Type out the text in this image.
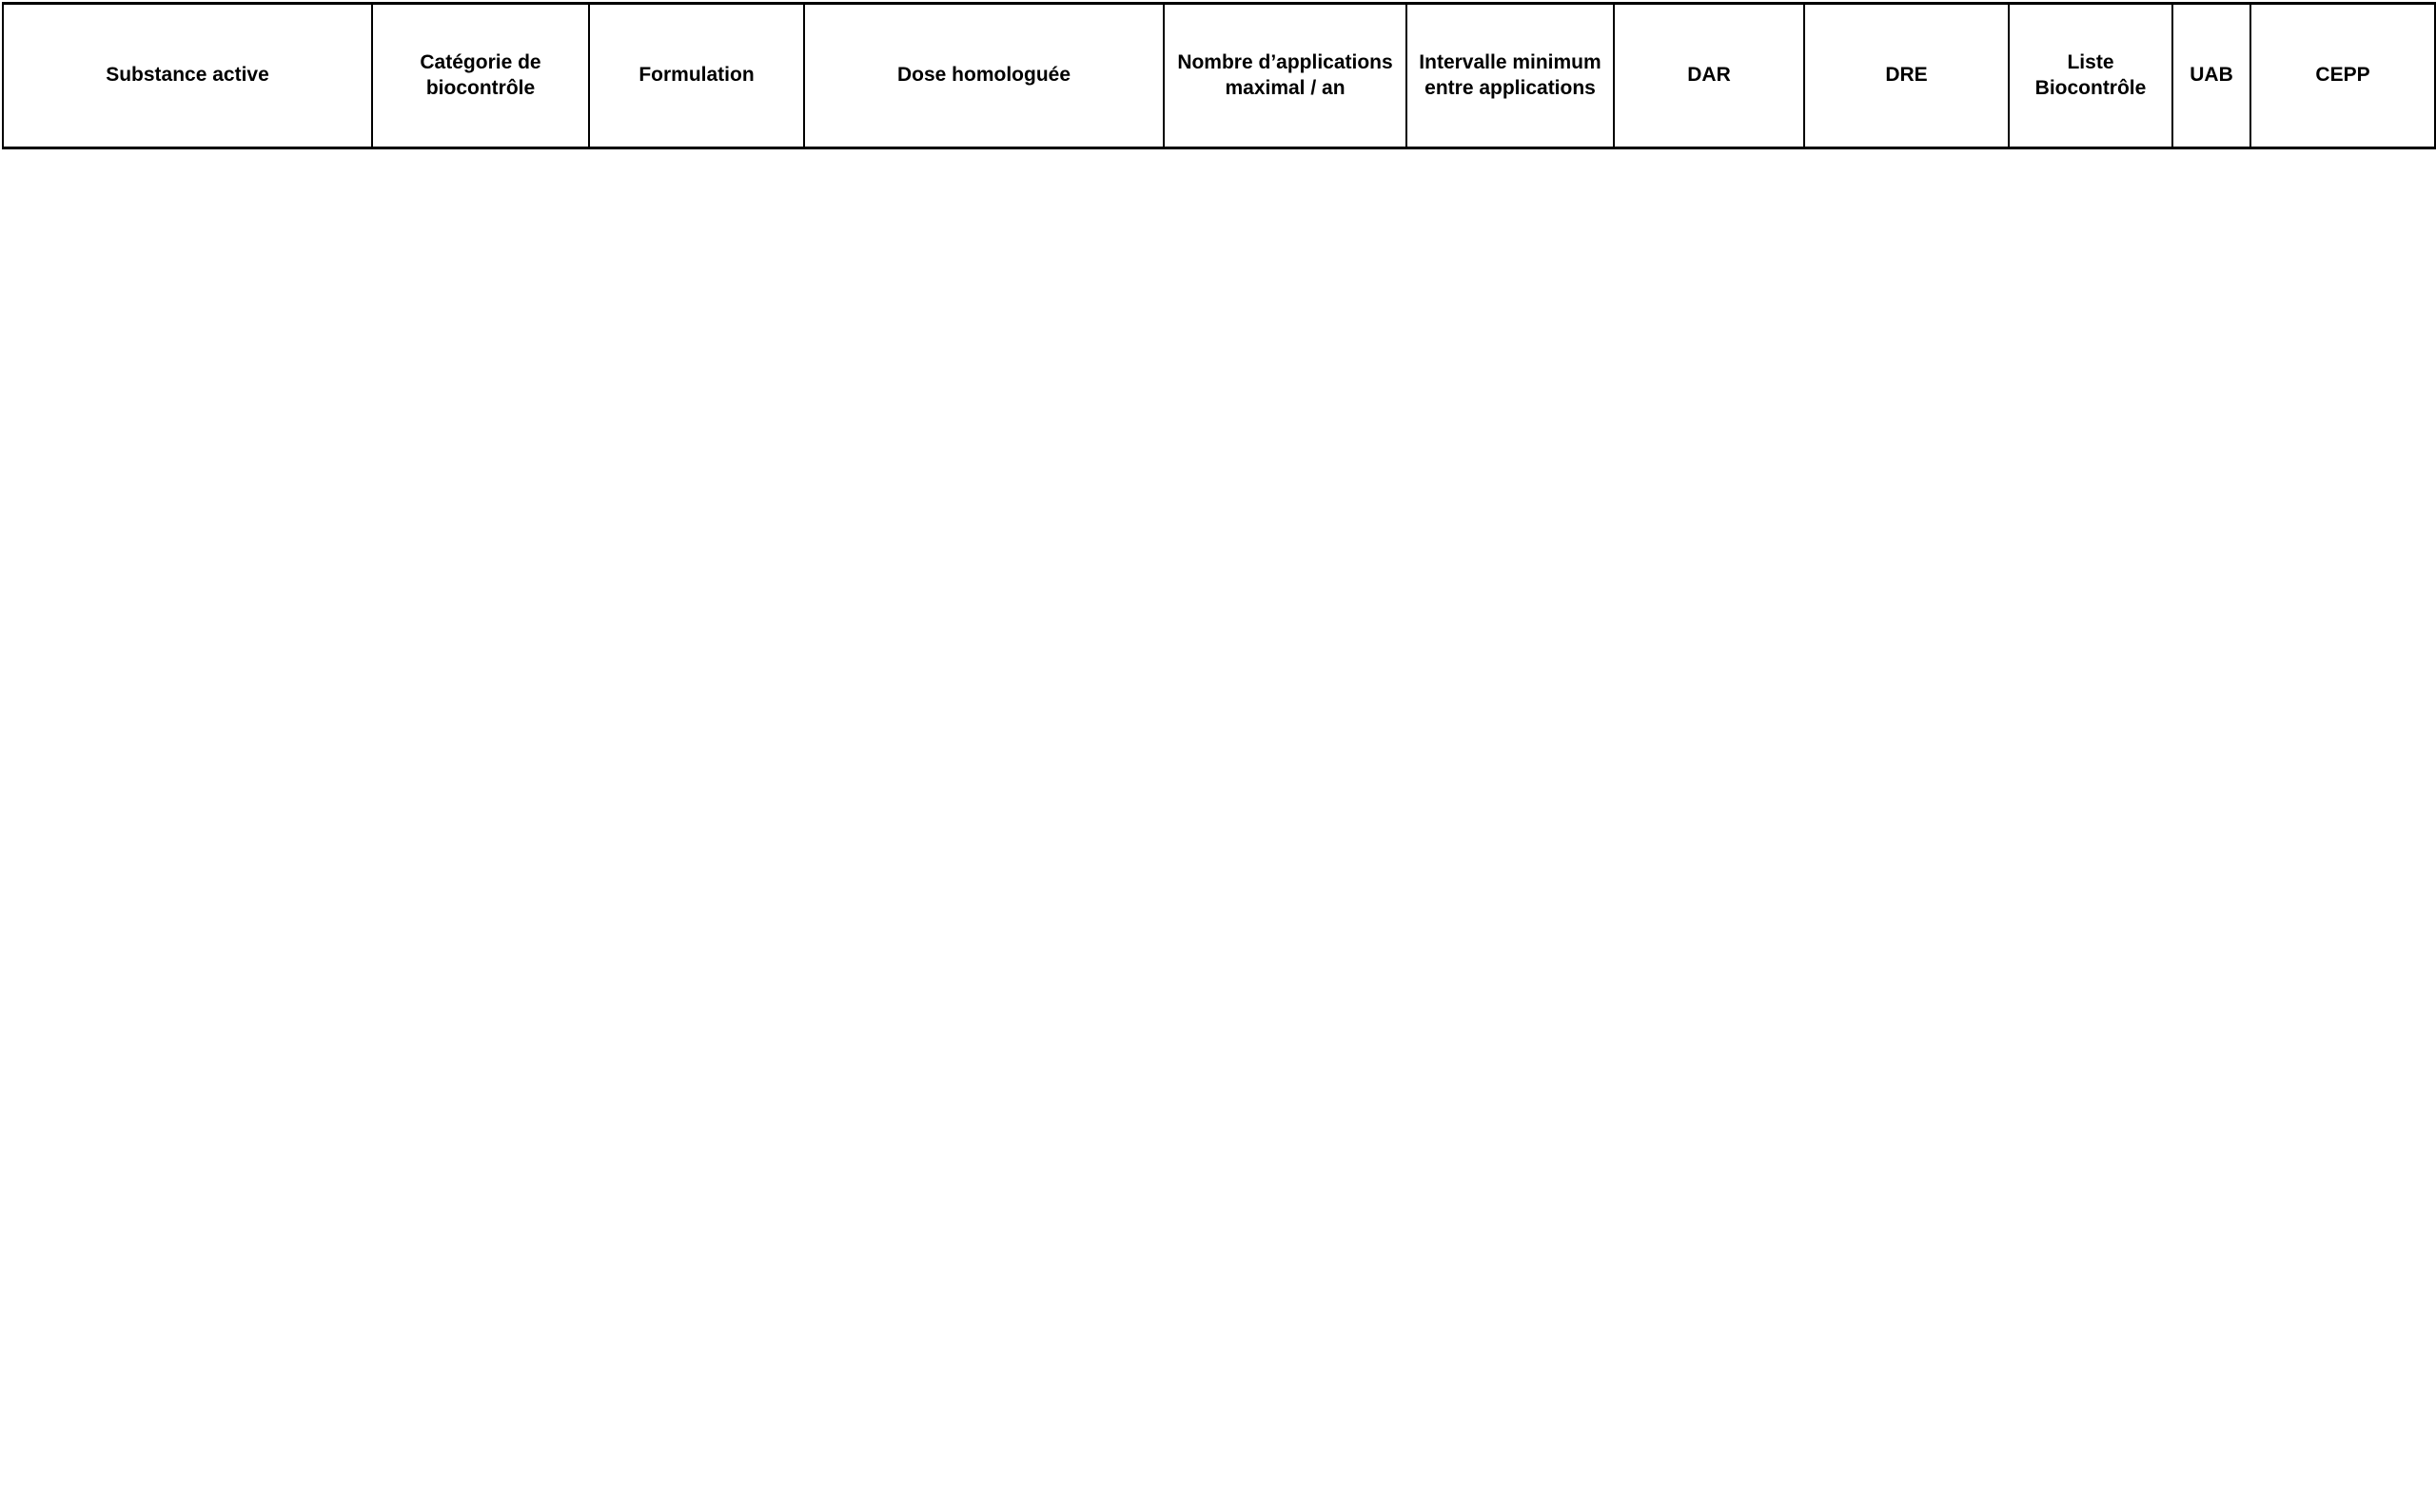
Substance active	Catégorie de biocontrôle	Formulation	Dose homologuée	Nombre d’applications maximal / an	Intervalle minimum entre applications	DAR	DRE	Liste Biocontrôle	UAB	CEPP
